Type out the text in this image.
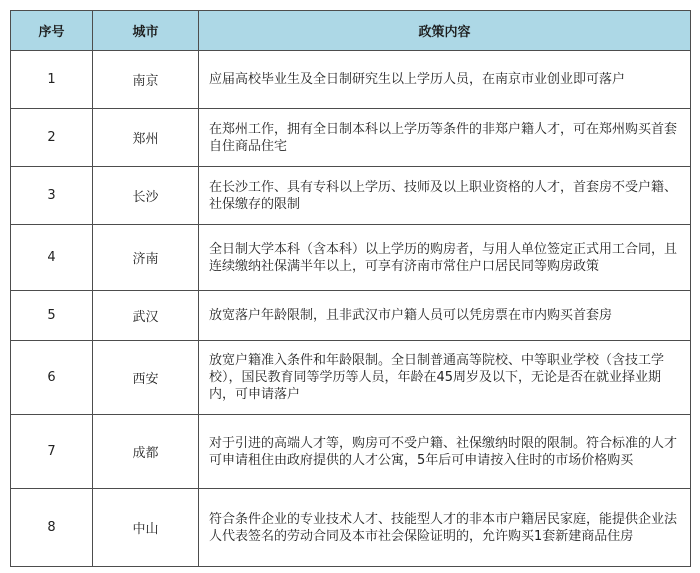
序号	城市	政策内容
1	南京	应届高校毕业生及全日制研究生以上学历人员，在南京市业创业即可落户
2	郑州	在郑州工作，拥有全日制本科以上学历等条件的非郑户籍人才，可在郑州购买首套自住商品住宅
3	长沙	在长沙工作、具有专科以上学历、技师及以上职业资格的人才，首套房不受户籍、社保缴存的限制
4	济南	全日制大学本科（含本科）以上学历的购房者，与用人单位签定正式用工合同，且连续缴纳社保满半年以上，可享有济南市常住户口居民同等购房政策
5	武汉	放宽落户年龄限制，且非武汉市户籍人员可以凭房票在市内购买首套房
6	西安	放宽户籍准入条件和年龄限制。全日制普通高等院校、中等职业学校（含技工学校），国民教育同等学历等人员，年龄在45周岁及以下，无论是否在就业择业期内，可申请落户
7	成都	对于引进的高端人才等，购房可不受户籍、社保缴纳时限的限制。符合标准的人才可申请租住由政府提供的人才公寓，5年后可申请按入住时的市场价格购买
8	中山	符合条件企业的专业技术人才、技能型人才的非本市户籍居民家庭，能提供企业法人代表签名的劳动合同及本市社会保险证明的，允许购买1套新建商品住房
